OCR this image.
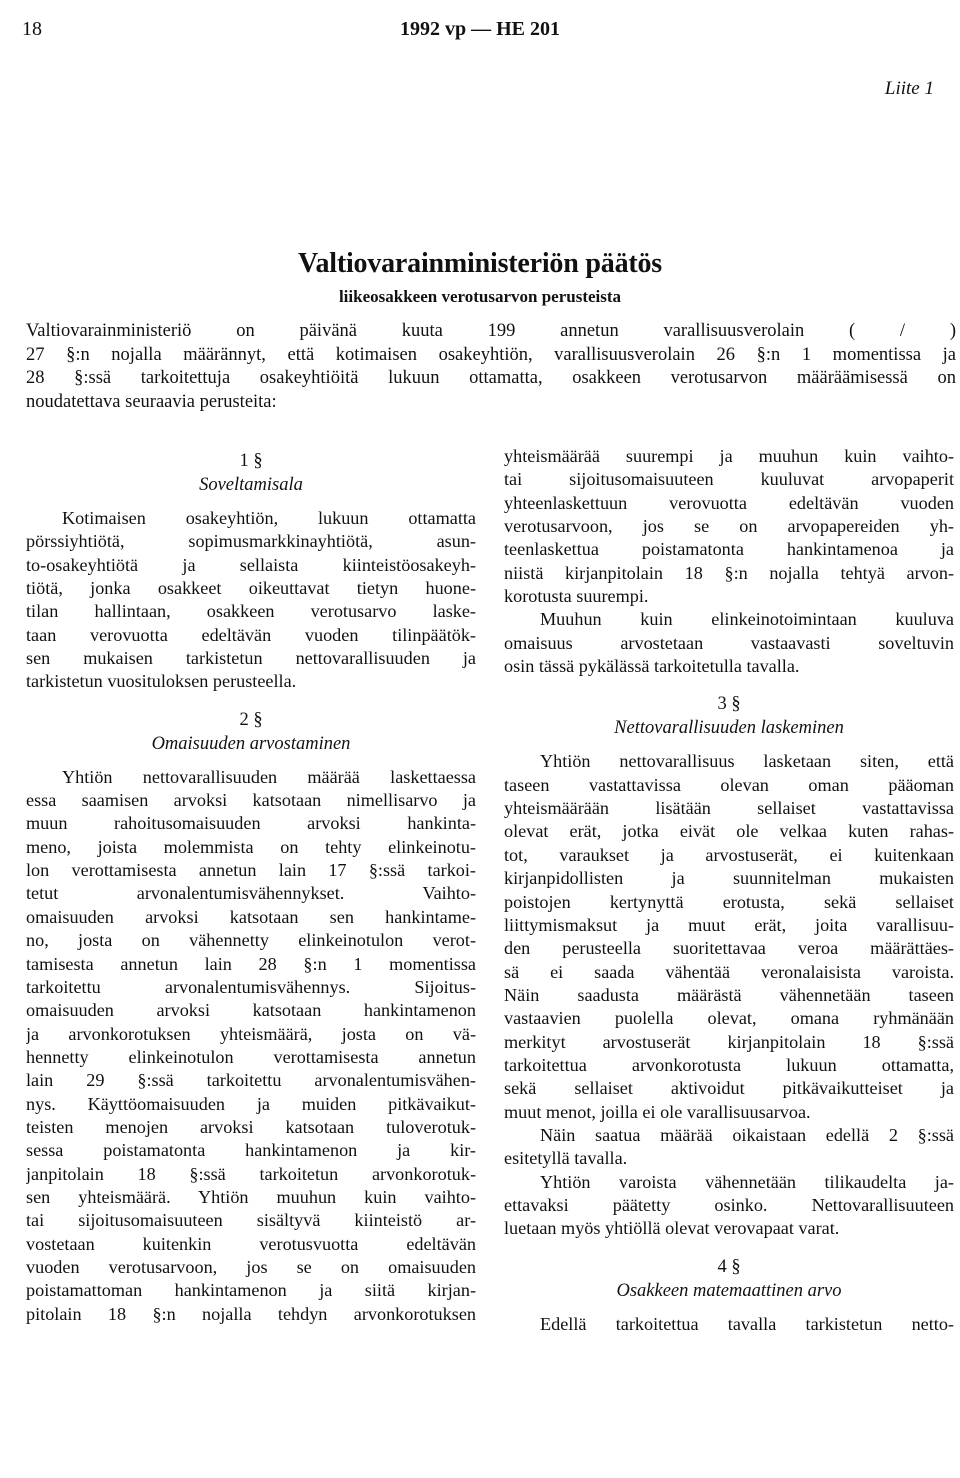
18	1992 vp — HE 201
Liite 1
Valtiovarainministeriön päätös
liikeosakkeen verotusarvon perusteista
Valtiovarainministeriö on päivänä kuuta 199 annetun varallisuusverolain ( / )
27 §:n nojalla määrännyt, että kotimaisen osakeyhtiön, varallisuusverolain 26 §:n 1 momentissa ja
28 §:ssä tarkoitettuja osakeyhtiöitä lukuun ottamatta, osakkeen verotusarvon määräämisessä on
noudatettava seuraavia perusteita:
1 §
Soveltamisala
Kotimaisen osakeyhtiön, lukuun ottamatta
pörssiyhtiötä, sopimusmarkkinayhtiötä, asun-
to-osakeyhtiötä ja sellaista kiinteistöosakeyh-
tiötä, jonka osakkeet oikeuttavat tietyn huone-
tilan hallintaan, osakkeen verotusarvo laske-
taan verovuotta edeltävän vuoden tilinpäätök-
sen mukaisen tarkistetun nettovarallisuuden ja
tarkistetun vuosituloksen perusteella.
2 §
Omaisuuden arvostaminen
Yhtiön nettovarallisuuden määrää laskettaessa
essa saamisen arvoksi katsotaan nimellisarvo ja
muun rahoitusomaisuuden arvoksi hankinta-
meno, joista molemmista on tehty elinkeinotu-
lon verottamisesta annetun lain 17 §:ssä tarkoi-
tetut arvonalentumisvähennykset. Vaihto-
omaisuuden arvoksi katsotaan sen hankintame-
no, josta on vähennetty elinkeinotulon verot-
tamisesta annetun lain 28 §:n 1 momentissa
tarkoitettu arvonalentumisvähennys. Sijoitus-
omaisuuden arvoksi katsotaan hankintamenon
ja arvonkorotuksen yhteismäärä, josta on vä-
hennetty elinkeinotulon verottamisesta annetun
lain 29 §:ssä tarkoitettu arvonalentumisvähen-
nys. Käyttöomaisuuden ja muiden pitkävaikut-
teisten menojen arvoksi katsotaan tuloverotuk-
sessa poistamatonta hankintamenon ja kir-
janpitolain 18 §:ssä tarkoitetun arvonkorotuk-
sen yhteismäärä. Yhtiön muuhun kuin vaihto-
tai sijoitusomaisuuteen sisältyvä kiinteistö ar-
vostetaan kuitenkin verotusvuotta edeltävän
vuoden verotusarvoon, jos se on omaisuuden
poistamattoman hankintamenon ja siitä kirjan-
pitolain 18 §:n nojalla tehdyn arvonkorotuksen
yhteismäärää suurempi ja muuhun kuin vaihto-
tai sijoitusomaisuuteen kuuluvat arvopaperit
yhteenlaskettuun verovuotta edeltävän vuoden
verotusarvoon, jos se on arvopapereiden yh-
teenlaskettua poistamatonta hankintamenoa ja
niistä kirjanpitolain 18 §:n nojalla tehtyä arvon-
korotusta suurempi.
Muuhun kuin elinkeinotoimintaan kuuluva
omaisuus arvostetaan vastaavasti soveltuvin
osin tässä pykälässä tarkoitetulla tavalla.
3 §
Nettovarallisuuden laskeminen
Yhtiön nettovarallisuus lasketaan siten, että
taseen vastattavissa olevan oman pääoman
yhteismäärään lisätään sellaiset vastattavissa
olevat erät, jotka eivät ole velkaa kuten rahas-
tot, varaukset ja arvostuserät, ei kuitenkaan
kirjanpidollisten ja suunnitelman mukaisten
poistojen kertynyttä erotusta, sekä sellaiset
liittymismaksut ja muut erät, joita varallisuu-
den perusteella suoritettavaa veroa määrättäes-
sä ei saada vähentää veronalaisista varoista.
Näin saadusta määrästä vähennetään taseen
vastaavien puolella olevat, omana ryhmänään
merkityt arvostuserät kirjanpitolain 18 §:ssä
tarkoitettua arvonkorotusta lukuun ottamatta,
sekä sellaiset aktivoidut pitkävaikutteiset ja
muut menot, joilla ei ole varallisuusarvoa.
Näin saatua määrää oikaistaan edellä 2 §:ssä
esitetyllä tavalla.
Yhtiön varoista vähennetään tilikaudelta ja-
ettavaksi päätetty osinko. Nettovarallisuuteen
luetaan myös yhtiöllä olevat verovapaat varat.
4 §
Osakkeen matemaattinen arvo
Edellä tarkoitettua tavalla tarkistetun netto-
